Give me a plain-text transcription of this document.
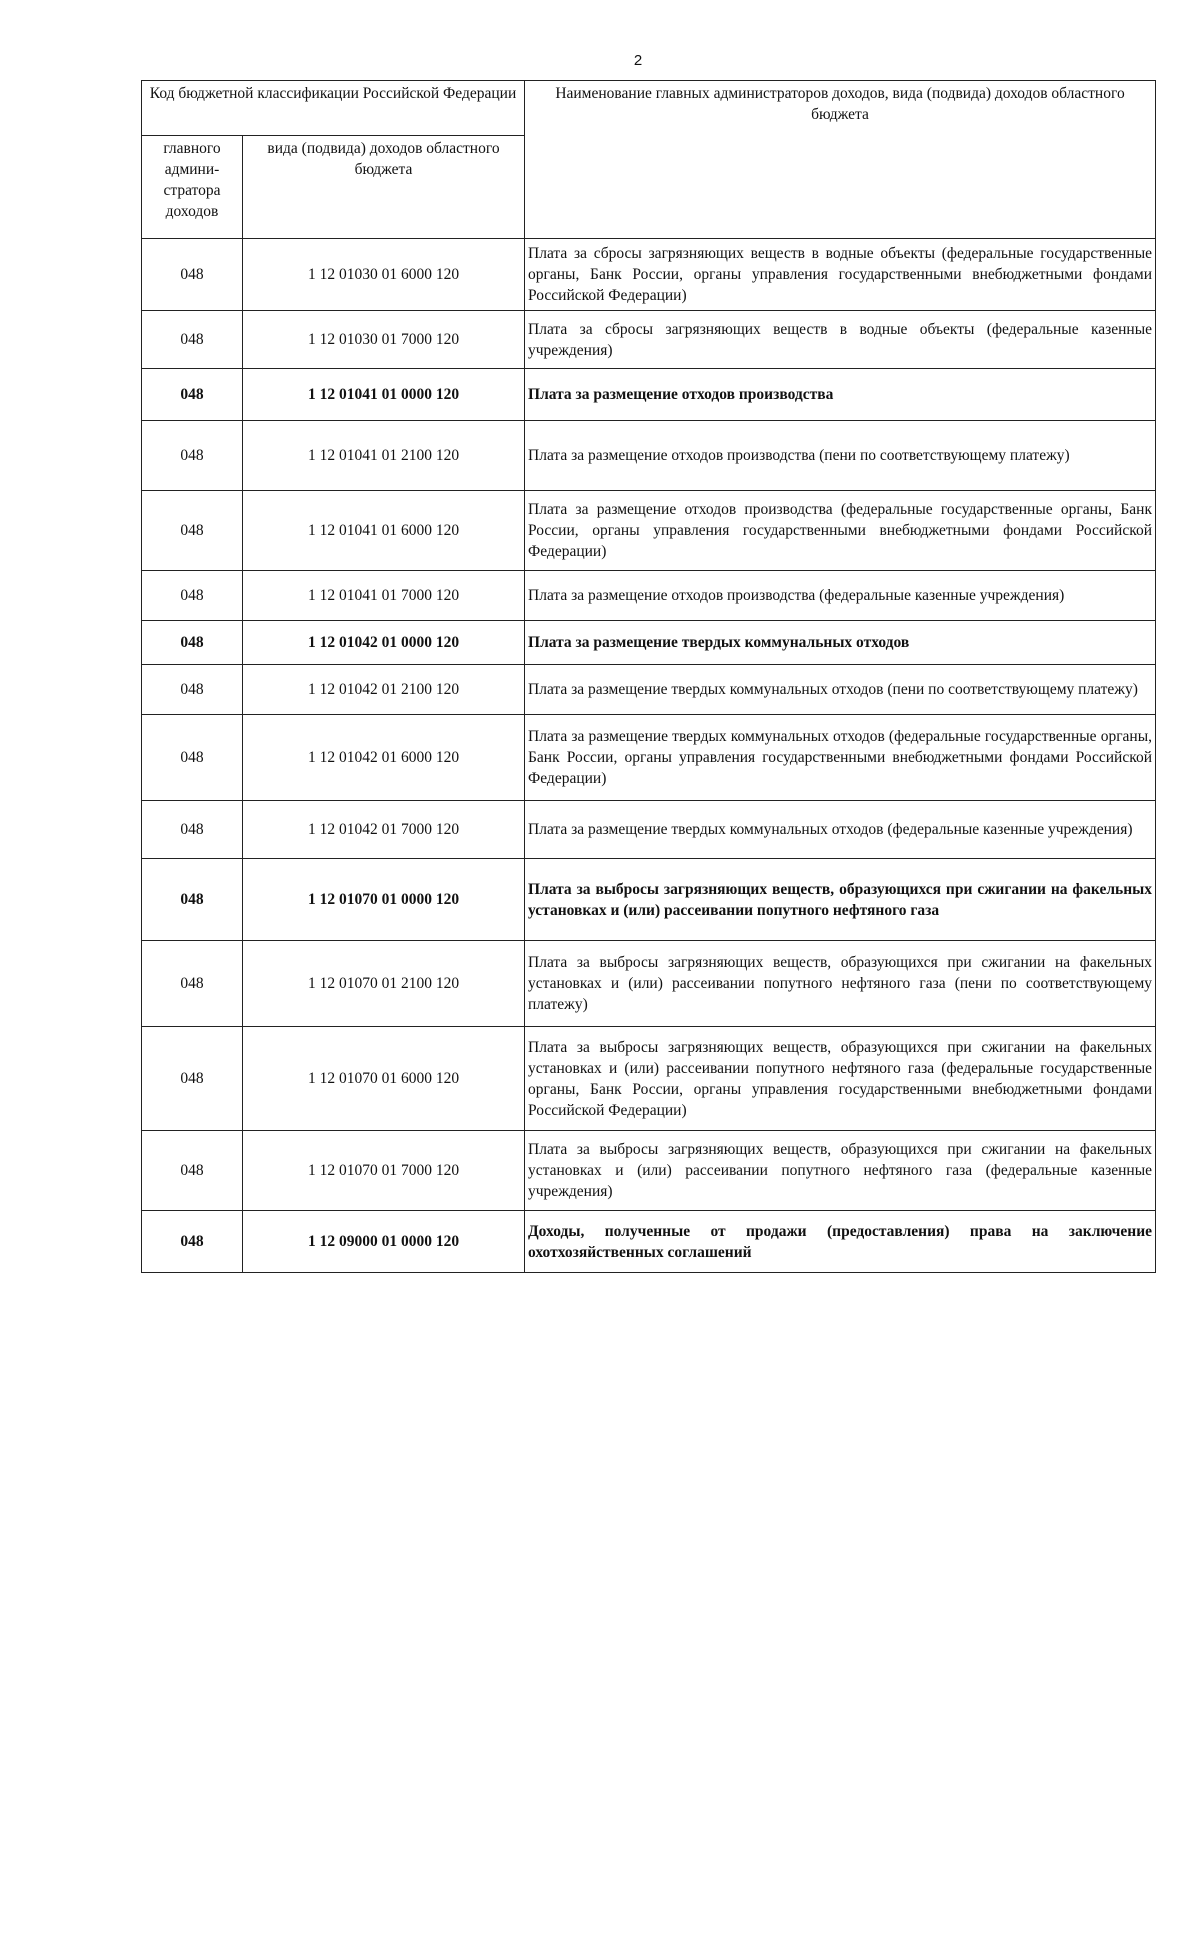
2
Код бюджетной классификации Российской Федерации		Наименование главных администраторов доходов, вида (подвида) доходов областного бюджета
главного админи-стратора доходов	вида (подвида) доходов областного бюджета	
048	1 12 01030 01 6000 120	Плата за сбросы загрязняющих веществ в водные объекты (федеральные государственные органы, Банк России, органы управления государственными внебюджетными фондами Российской Федерации)
048	1 12 01030 01 7000 120	Плата за сбросы загрязняющих веществ в водные объекты (федеральные казенные учреждения)
048	1 12 01041 01 0000 120	Плата за размещение отходов производства
048	1 12 01041 01 2100 120	Плата за размещение отходов производства (пени по соответствующему платежу)
048	1 12 01041 01 6000 120	Плата за размещение отходов производства (федеральные государственные органы, Банк России, органы управления государственными внебюджетными фондами Российской Федерации)
048	1 12 01041 01 7000 120	Плата за размещение отходов производства (федеральные казенные учреждения)
048	1 12 01042 01 0000 120	Плата за размещение твердых коммунальных отходов
048	1 12 01042 01 2100 120	Плата за размещение твердых коммунальных отходов (пени по соответствующему платежу)
048	1 12 01042 01 6000 120	Плата за размещение твердых коммунальных отходов (федеральные государственные органы, Банк России, органы управления государственными внебюджетными фондами Российской Федерации)
048	1 12 01042 01 7000 120	Плата за размещение твердых коммунальных отходов (федеральные казенные учреждения)
048	1 12 01070 01 0000 120	Плата за выбросы загрязняющих веществ, образующихся при сжигании на факельных установках и (или) рассеивании попутного нефтяного газа
048	1 12 01070 01 2100 120	Плата за выбросы загрязняющих веществ, образующихся при сжигании на факельных установках и (или) рассеивании попутного нефтяного газа (пени по соответствующему платежу)
048	1 12 01070 01 6000 120	Плата за выбросы загрязняющих веществ, образующихся при сжигании на факельных установках и (или) рассеивании попутного нефтяного газа (федеральные государственные органы, Банк России, органы управления государственными внебюджетными фондами Российской Федерации)
048	1 12 01070 01 7000 120	Плата за выбросы загрязняющих веществ, образующихся при сжигании на факельных установках и (или) рассеивании попутного нефтяного газа (федеральные казенные учреждения)
048	1 12 09000 01 0000 120	Доходы, полученные от продажи (предоставления) права на заключение охотхозяйственных соглашений
